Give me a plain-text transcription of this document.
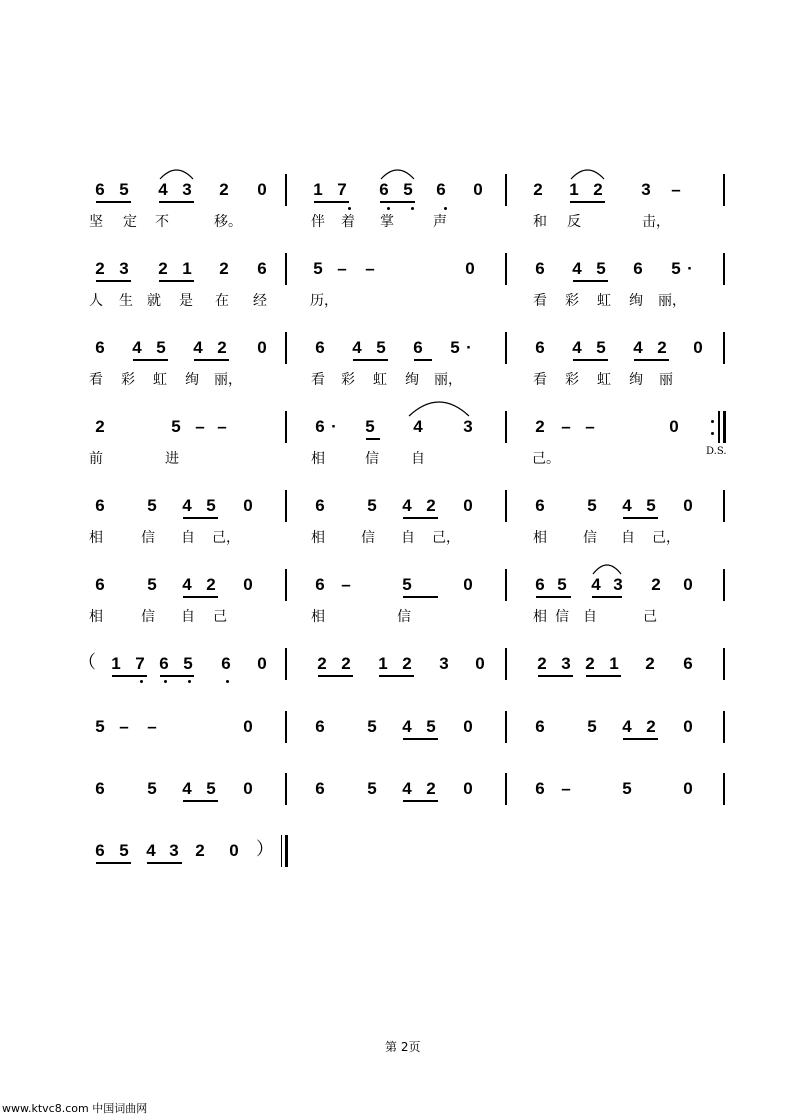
D.S.
（
）
第 2页
www.ktvc8.com 中国词曲网
6 5 4 3 2 0	1 7 6 5 6 0	2 1 2 3 –
坚 定 不	移。	伴 着 掌	声	和 反	击，
2 3 2 1 2 6	5 – –	0	6 4 5 6 5 ·
人 生 就 是 在 经	历，	看 彩 虹 绚 丽，
6 4 5 4 2 0	6 4 5 6 5 ·	6 4 5 4 2 0
看 彩 虹 绚 丽，	看 彩 虹 绚 丽，	看 彩 虹 绚 丽
2	5 – –	6 · 5 4 3	2 – –	0
前	进	相	信 自	己。
6	5 4 5 0	6	5 4 2 0	6	5 4 5 0
相	信 自 己，	相	信 自 己，	相	信 自 己，
6	5 4 2 0	6 –	5	0	6 5 4 3 2 0
相	信 自 己	相	信	相 信 自	己
1 7 6 5 6 0	2 2 1 2 3 0	2 3 2 1 2 6
5 – –	0	6	5 4 5 0	6	5 4 2 0
6	5 4 5 0	6	5 4 2 0	6 –	5	0
6 5 4 3 2 0
